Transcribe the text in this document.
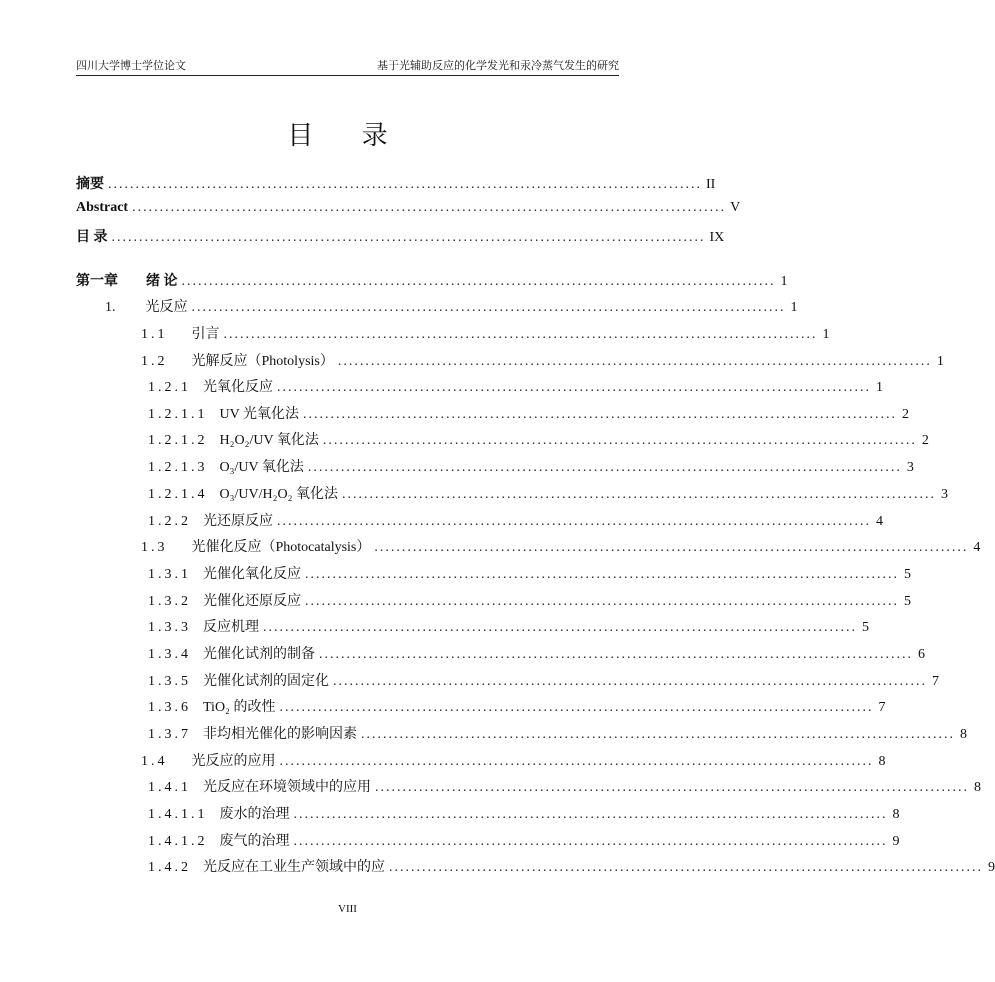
四川大学博士学位论文	基于光辅助反应的化学发光和汞冷蒸气发生的研究
目 录
摘要 ............................................................................................................ II
Abstract ............................................................................................................ V
目 录 ............................................................................................................ IX
第一章 绪 论 ............................................................................................................ 1
1. 光反应 ............................................................................................................ 1
1.1 引言 ............................................................................................................ 1
1.2 光解反应（Photolysis） ............................................................................................................ 1
1.2.1 光氧化反应 ............................................................................................................ 1
1.2.1.1 UV 光氧化法 ............................................................................................................ 2
1.2.1.2 H₂O₂/UV 氧化法 ............................................................................................................ 2
1.2.1.3 O₃/UV 氧化法 ............................................................................................................ 3
1.2.1.4 O₃/UV/H₂O₂ 氧化法 ............................................................................................................ 3
1.2.2 光还原反应 ............................................................................................................ 4
1.3 光催化反应（Photocatalysis） ............................................................................................................ 4
1.3.1 光催化氧化反应 ............................................................................................................ 5
1.3.2 光催化还原反应 ............................................................................................................ 5
1.3.3 反应机理 ............................................................................................................ 5
1.3.4 光催化试剂的制备 ............................................................................................................ 6
1.3.5 光催化试剂的固定化 ............................................................................................................ 7
1.3.6 TiO₂ 的改性 ............................................................................................................ 7
1.3.7 非均相光催化的影响因素 ............................................................................................................ 8
1.4 光反应的应用 ............................................................................................................ 8
1.4.1 光反应在环境领域中的应用 ............................................................................................................ 8
1.4.1.1 废水的治理 ............................................................................................................ 8
1.4.1.2 废气的治理 ............................................................................................................ 9
1.4.2 光反应在工业生产领域中的应 ............................................................................................................ 9
VIII
